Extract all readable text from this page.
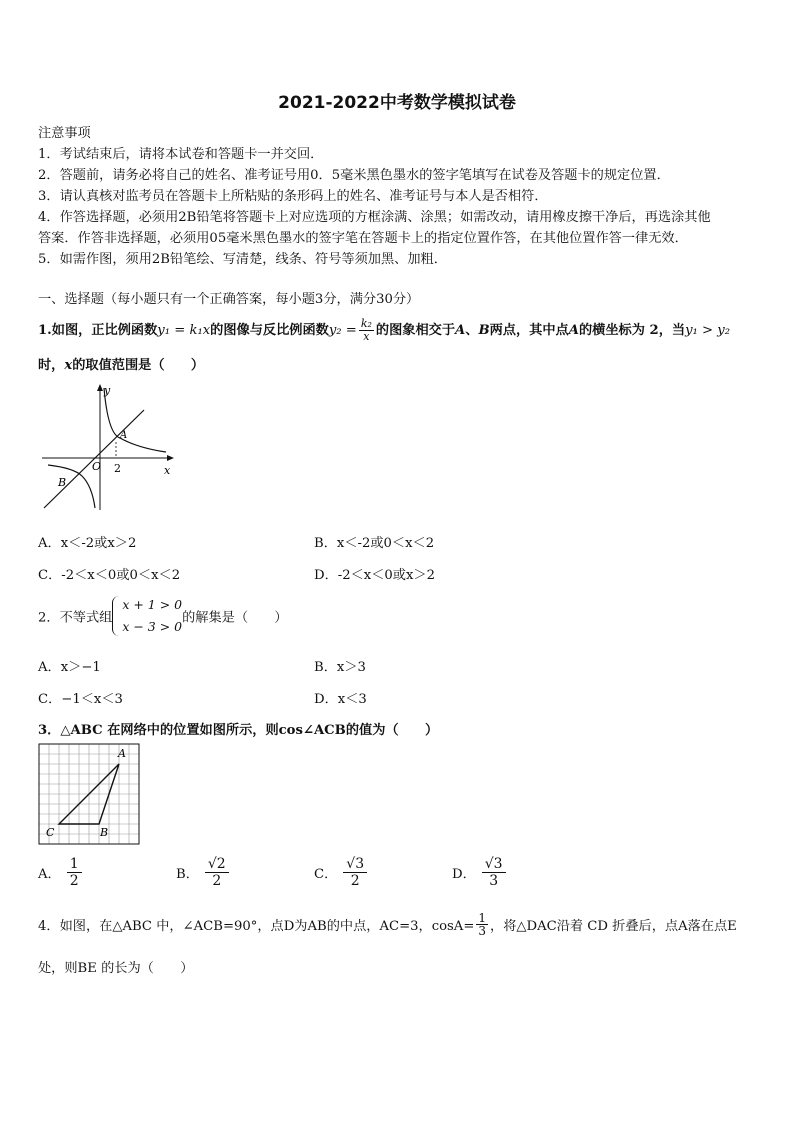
2021-2022中考数学模拟试卷
注意事项
1．考试结束后，请将本试卷和答题卡一并交回．
2．答题前，请务必将自己的姓名、准考证号用0．5毫米黑色墨水的签字笔填写在试卷及答题卡的规定位置．
3．请认真核对监考员在答题卡上所粘贴的条形码上的姓名、准考证号与本人是否相符．
4．作答选择题，必须用2B铅笔将答题卡上对应选项的方框涂满、涂黑；如需改动，请用橡皮擦干净后，再选涂其他
答案．作答非选择题，必须用05毫米黑色墨水的签字笔在答题卡上的指定位置作答，在其他位置作答一律无效．
5．如需作图，须用2B铅笔绘、写清楚，线条、符号等须加黑、加粗．
一、选择题（每小题只有一个正确答案，每小题3分，满分30分）
1.如图，正比例函数y₁ = k₁x的图像与反比例函数$y_2 = \frac{\text{k₂}}{x}$ 的图象相交于A、B两点，其中点A的横坐标为 2，当y₁ > y₂
时，x的取值范围是（　　）
y
x
O 2
A
B
A．x＜-2或x＞2	B．x＜-2或0＜x＜2
C．-2＜x＜0或0＜x＜2	D．-2＜x＜0或x＞2
2．不等式组
x + 1 > 0
x − 3 > 0
的解集是（　　）
A．x＞−1	B．x＞3
C．−1＜x＜3	D．x＜3
3．△ABC 在网络中的位置如图所示，则cos∠ACB的值为（　　）
A
B
C
A． $\frac{1}{2}$	B． $\frac{√2}{2}$	C． $\frac{√3}{2}$	D． $\frac{√3}{3}$
4．如图，在△ABC 中，∠ACB=90°，点D为AB的中点，AC=3，$\cos A= \frac{1}{3}$ ，将△DAC沿着 CD 折叠后，点A落在点E
处，则BE 的长为（　　）
